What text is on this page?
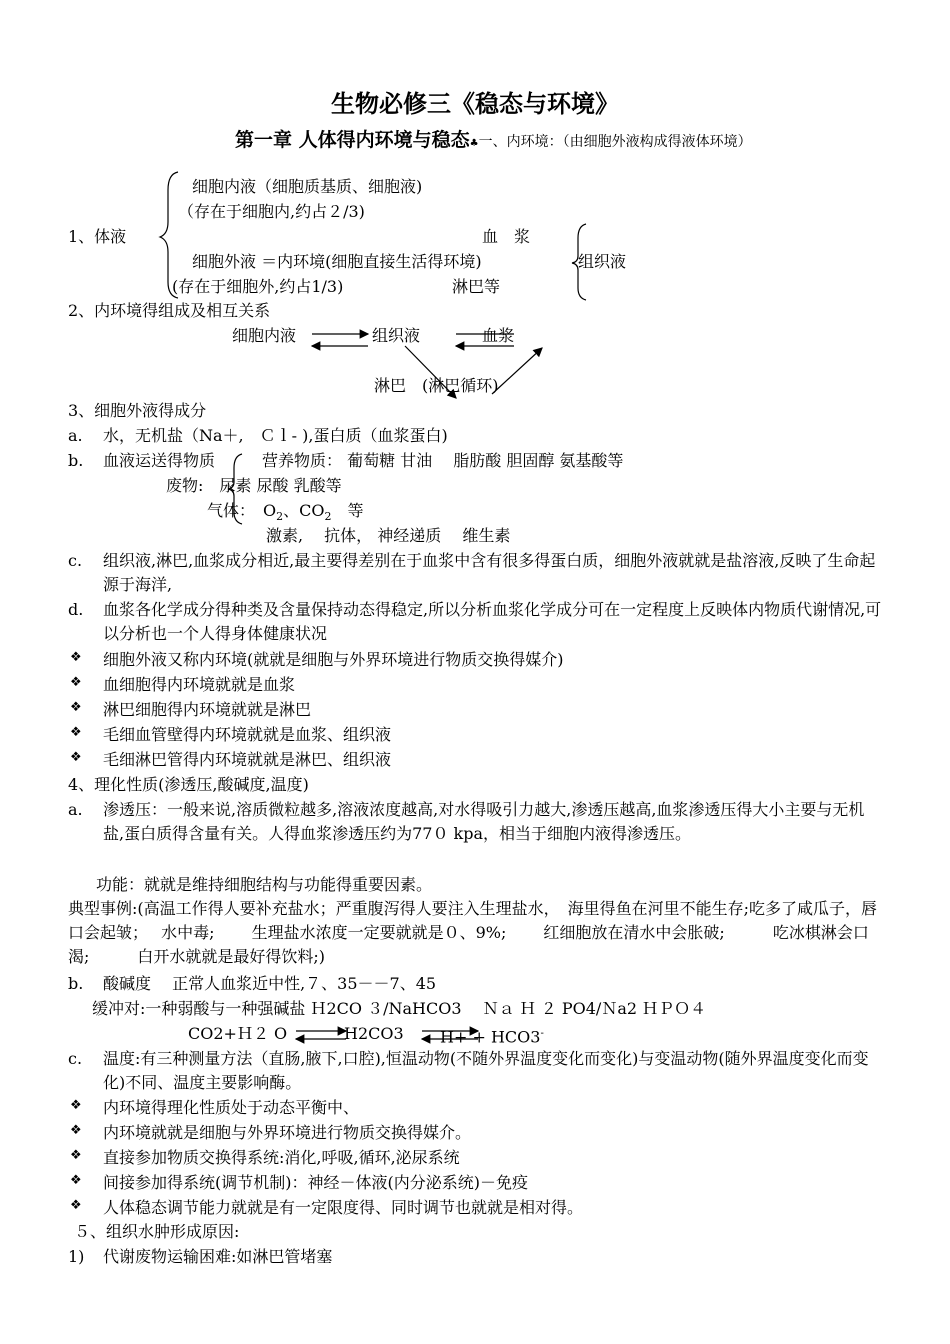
生物必修三《稳态与环境》
第一章 人体得内环境与稳态♣一、内环境：（由细胞外液构成得液体环境）
细胞内液（细胞质基质、细胞液)
（存在于细胞内,约占２/3)
1、体液	血　浆
细胞外液 ＝内环境(细胞直接生活得环境)	组织液
(存在于细胞外,约占1/3)	淋巴等
2、内环境得组成及相互关系
细胞内液	组织液	血浆
淋巴　(淋巴循环)
3、细胞外液得成分
a. 水，无机盐（Na＋,　Ｃｌ- ),蛋白质（血浆蛋白)
b. 血液运送得物质	营养物质： 葡萄糖 甘油　 脂肪酸 胆固醇 氨基酸等
废物:　尿素 尿酸 乳酸等
气体：　$O_2$、$CO_2$　等
激素,　 抗体， 神经递质　 维生素
c. 组织液,淋巴,血浆成分相近,最主要得差别在于血浆中含有很多得蛋白质，细胞外液就就是盐溶液,反映了生命起源于海洋,
d. 血浆各化学成分得种类及含量保持动态得稳定,所以分析血浆化学成分可在一定程度上反映体内物质代谢情况,可以分析也一个人得身体健康状况
❖ 细胞外液又称内环境(就就是细胞与外界环境进行物质交换得媒介)
❖ 血细胞得内环境就就是血浆
❖ 淋巴细胞得内环境就就是淋巴
❖ 毛细血管壁得内环境就就是血浆、组织液
❖ 毛细淋巴管得内环境就就是淋巴、组织液
4、理化性质(渗透压,酸碱度,温度)
a. 渗透压：一般来说,溶质微粒越多,溶液浓度越高,对水得吸引力越大,渗透压越高,血浆渗透压得大小主要与无机盐,蛋白质得含量有关。人得血浆渗透压约为77０ kpa，相当于细胞内液得渗透压。
功能：就就是维持细胞结构与功能得重要因素。
典型事例:(高温工作得人要补充盐水；严重腹泻得人要注入生理盐水，　海里得鱼在河里不能生存;吃多了咸瓜子，唇口会起皱；　 水中毒;　　 生理盐水浓度一定要就就是０、9%;　　 红细胞放在清水中会胀破;　　　吃冰棋淋会口渴;　　　白开水就就是最好得饮料;)
b. 酸碱度　 正常人血浆近中性,７、35－－7、45
缓冲对:一种弱酸与一种强碱盐 Ｈ2CO ３/NaHCO3　 Ｎａ Ｈ ２ PO4/Ｎa2 ＨＰＯ４
CO2+Ｈ２ O	H2CO3 H+ + HCO3-
c. 温度:有三种测量方法（直肠,腋下,口腔),恒温动物(不随外界温度变化而变化)与变温动物(随外界温度变化而变化)不同、温度主要影响酶。
❖ 内环境得理化性质处于动态平衡中、
❖ 内环境就就是细胞与外界环境进行物质交换得媒介。
❖ 直接参加物质交换得系统:消化,呼吸,循环,泌尿系统
❖ 间接参加得系统(调节机制)：神经－体液(内分泌系统)－免疫
❖ 人体稳态调节能力就就是有一定限度得、同时调节也就就是相对得。
５、组织水肿形成原因:
1) 代谢废物运输困难:如淋巴管堵塞
